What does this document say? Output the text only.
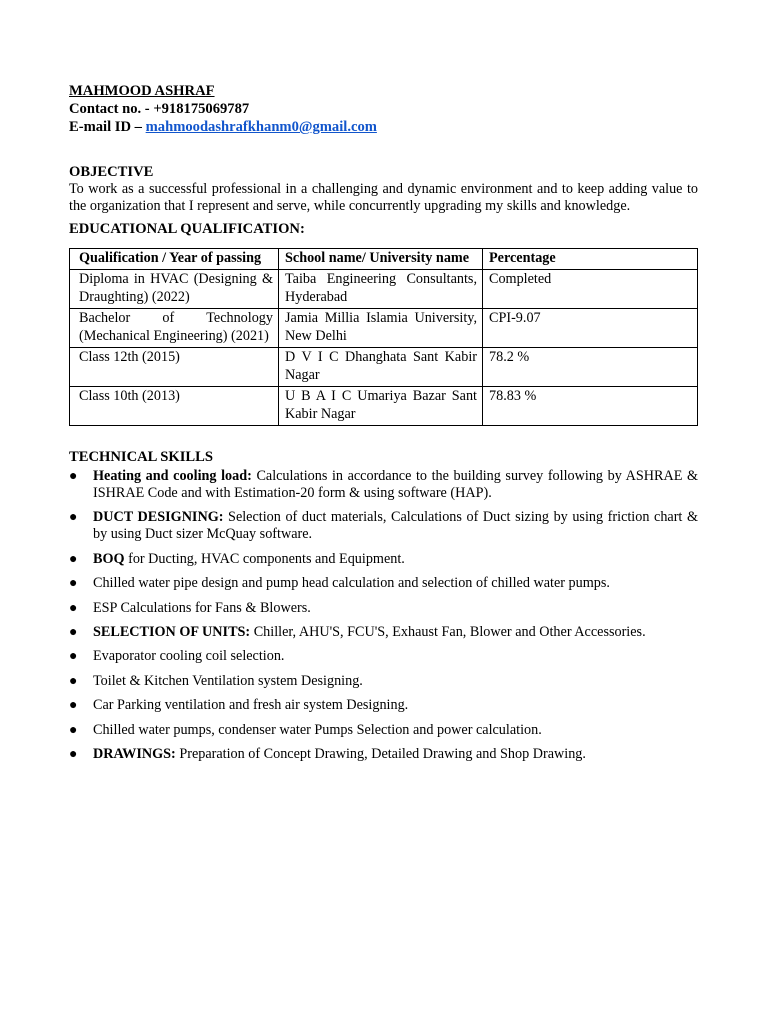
MAHMOOD ASHRAF
Contact no. - +918175069787
E-mail ID – mahmoodashrafkhanm0@gmail.com
OBJECTIVE
To work as a successful professional in a challenging and dynamic environment and to keep adding value to the organization that I represent and serve, while concurrently upgrading my skills and knowledge.
EDUCATIONAL QUALIFICATION:
Qualification / Year of passing	School name/ University name	Percentage
Diploma in HVAC (Designing & Draughting) (2022)	Taiba Engineering Consultants, Hyderabad	Completed
Bachelor of Technology (Mechanical Engineering) (2021)	Jamia Millia Islamia University, New Delhi	CPI-9.07
Class 12th (2015)	D V I C Dhanghata Sant Kabir Nagar	78.2 %
Class 10th (2013)	U B A I C Umariya Bazar Sant Kabir Nagar	78.83 %
TECHNICAL SKILLS
● Heating and cooling load: Calculations in accordance to the building survey following by ASHRAE & ISHRAE Code and with Estimation-20 form & using software (HAP).
● DUCT DESIGNING: Selection of duct materials, Calculations of Duct sizing by using friction chart & by using Duct sizer McQuay software.
● BOQ for Ducting, HVAC components and Equipment.
● Chilled water pipe design and pump head calculation and selection of chilled water pumps.
● ESP Calculations for Fans & Blowers.
● SELECTION OF UNITS: Chiller, AHU'S, FCU'S, Exhaust Fan, Blower and Other Accessories.
● Evaporator cooling coil selection.
● Toilet & Kitchen Ventilation system Designing.
● Car Parking ventilation and fresh air system Designing.
● Chilled water pumps, condenser water Pumps Selection and power calculation.
● DRAWINGS: Preparation of Concept Drawing, Detailed Drawing and Shop Drawing.
